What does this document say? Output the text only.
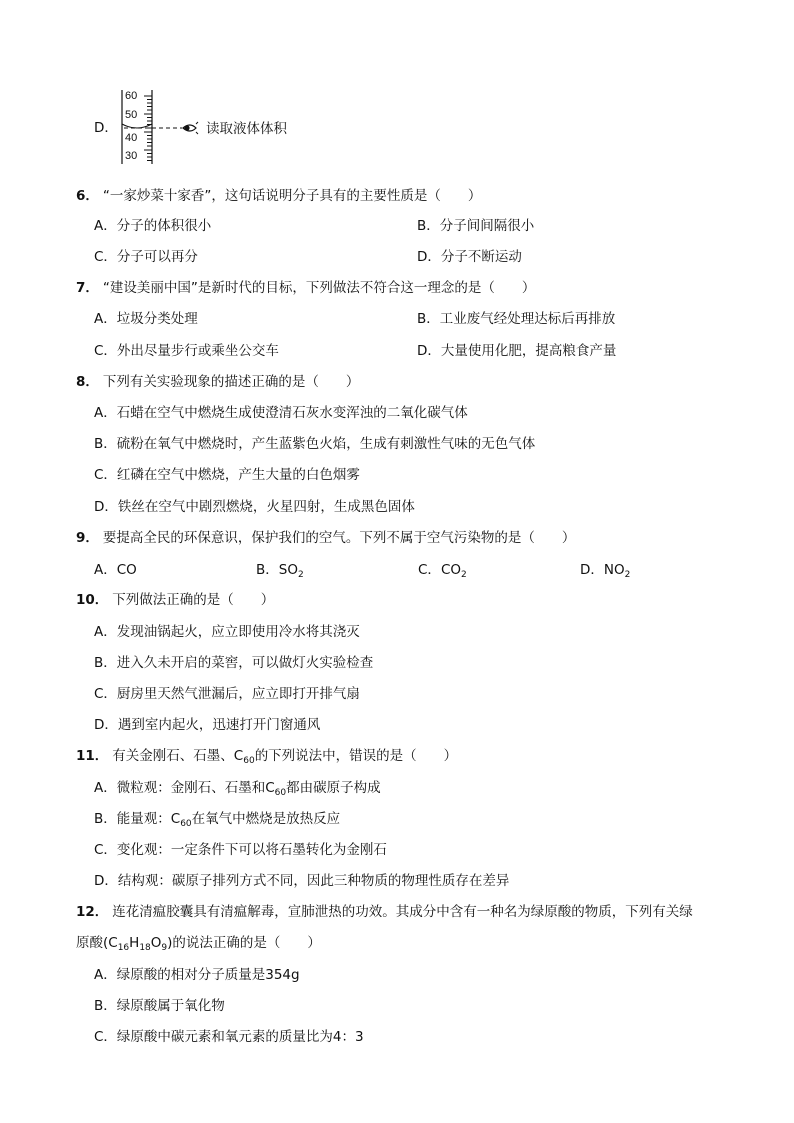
D．
60
50
40
30
读取液体体积
6． “一家炒菜十家香”，这句话说明分子具有的主要性质是（　　）
A．分子的体积很小	B．分子间间隔很小
C．分子可以再分	D．分子不断运动
7． “建设美丽中国”是新时代的目标，下列做法不符合这一理念的是（　　）
A．垃圾分类处理	B．工业废气经处理达标后再排放
C．外出尽量步行或乘坐公交车	D．大量使用化肥，提高粮食产量
8． 下列有关实验现象的描述正确的是（　　）
A．石蜡在空气中燃烧生成使澄清石灰水变浑浊的二氧化碳气体
B．硫粉在氧气中燃烧时，产生蓝紫色火焰，生成有刺激性气味的无色气体
C．红磷在空气中燃烧，产生大量的白色烟雾
D．铁丝在空气中剧烈燃烧，火星四射，生成黑色固体
9． 要提高全民的环保意识，保护我们的空气。下列不属于空气污染物的是（　　）
A．CO	B．$SO_2$	C．$CO_2$	D．$NO_2$
10． 下列做法正确的是（　　）
A．发现油锅起火，应立即使用冷水将其浇灭
B．进入久未开启的菜窖，可以做灯火实验检查
C．厨房里天然气泄漏后，应立即打开排气扇
D．遇到室内起火，迅速打开门窗通风
11． 有关金刚石、石墨、$C_{60}$的下列说法中，错误的是（　　）
A．微粒观：金刚石、石墨和$C_{60}$都由碳原子构成
B．能量观：$C_{60}$在氧气中燃烧是放热反应
C．变化观：一定条件下可以将石墨转化为金刚石
D．结构观：碳原子排列方式不同，因此三种物质的物理性质存在差异
12． 连花清瘟胶囊具有清瘟解毒，宣肺泄热的功效。其成分中含有一种名为绿原酸的物质，下列有关绿
原酸$(C_{16}H_{18}O_9)$的说法正确的是（　　）
A．绿原酸的相对分子质量是354g
B．绿原酸属于氧化物
C．绿原酸中碳元素和氧元素的质量比为4：3
